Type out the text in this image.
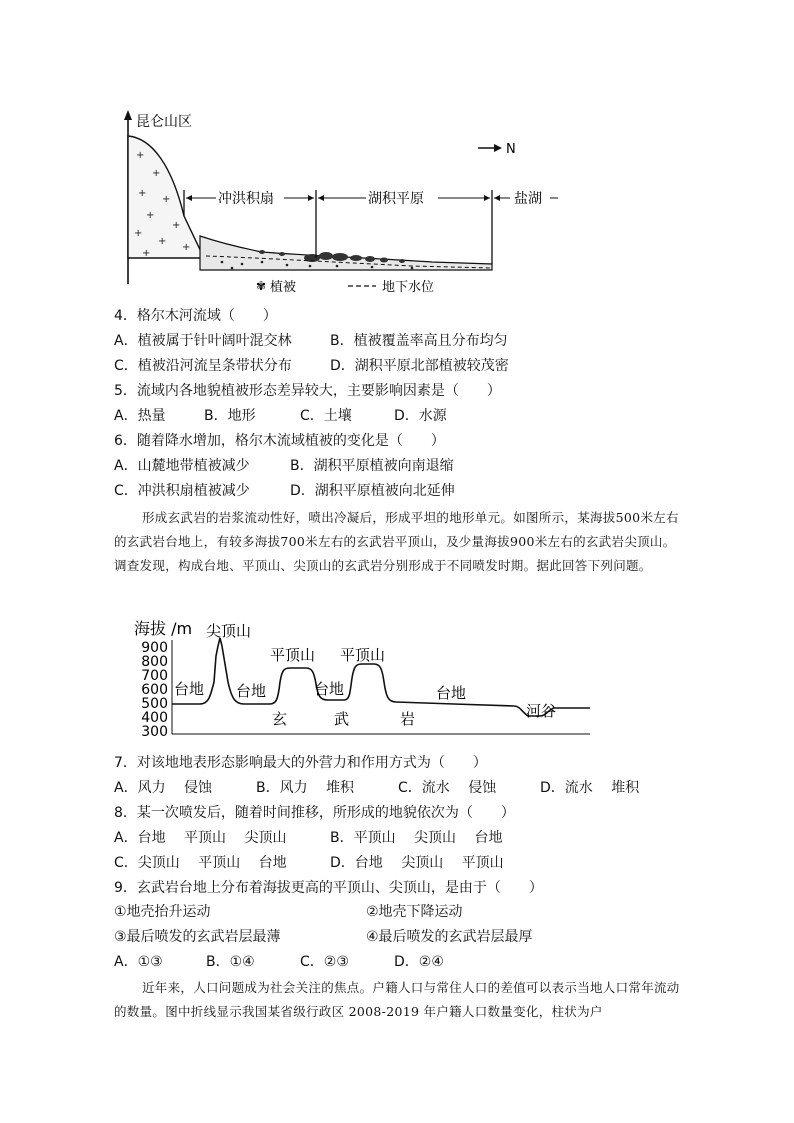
昆仑山区
+
+
+
+
+
+
+
+
+
+
冲洪积扇	湖积平原	盐湖
N
✾ 植被	地下水位
4．格尔木河流域（　　）
A．植被属于针叶阔叶混交林	B．植被覆盖率高且分布均匀
C．植被沿河流呈条带状分布	D．湖积平原北部植被较茂密
5．流域内各地貌植被形态差异较大，主要影响因素是（　　）
A．热量	B．地形	C．土壤	D．水源
6．随着降水增加，格尔木流域植被的变化是（　　）
A．山麓地带植被减少	B．湖积平原植被向南退缩
C．冲洪积扇植被减少	D．湖积平原植被向北延伸
形成玄武岩的岩浆流动性好，喷出冷凝后，形成平坦的地形单元。如图所示，某海拔500米左右的玄武岩台地上，有较多海拔700米左右的玄武岩平顶山，及少量海拔900米左右的玄武岩尖顶山。调查发现，构成台地、平顶山、尖顶山的玄武岩分别形成于不同喷发时期。据此回答下列问题。
海拔 /m
900
800
700
600
500
400
300
尖顶山
平顶山 平顶山
台地 台地	台地	台地
河谷
玄	武	岩
7．对该地地表形态影响最大的外营力和作用方式为（　　）
A．风力　 侵蚀	B．风力　 堆积	C．流水　 侵蚀	D．流水　 堆积
8．某一次喷发后，随着时间推移，所形成的地貌依次为（　　）
A．台地　 平顶山　 尖顶山	B．平顶山　 尖顶山　 台地
C．尖顶山　 平顶山　 台地	D．台地　 尖顶山　 平顶山
9．玄武岩台地上分布着海拔更高的平顶山、尖顶山，是由于（　　）
①地壳抬升运动	②地壳下降运动
③最后喷发的玄武岩层最薄	④最后喷发的玄武岩层最厚
A．①③	B．①④	C．②③	D．②④
近年来，人口问题成为社会关注的焦点。户籍人口与常住人口的差值可以表示当地人口常年流动的数量。图中折线显示我国某省级行政区 2008-2019 年户籍人口数量变化，柱状为户
